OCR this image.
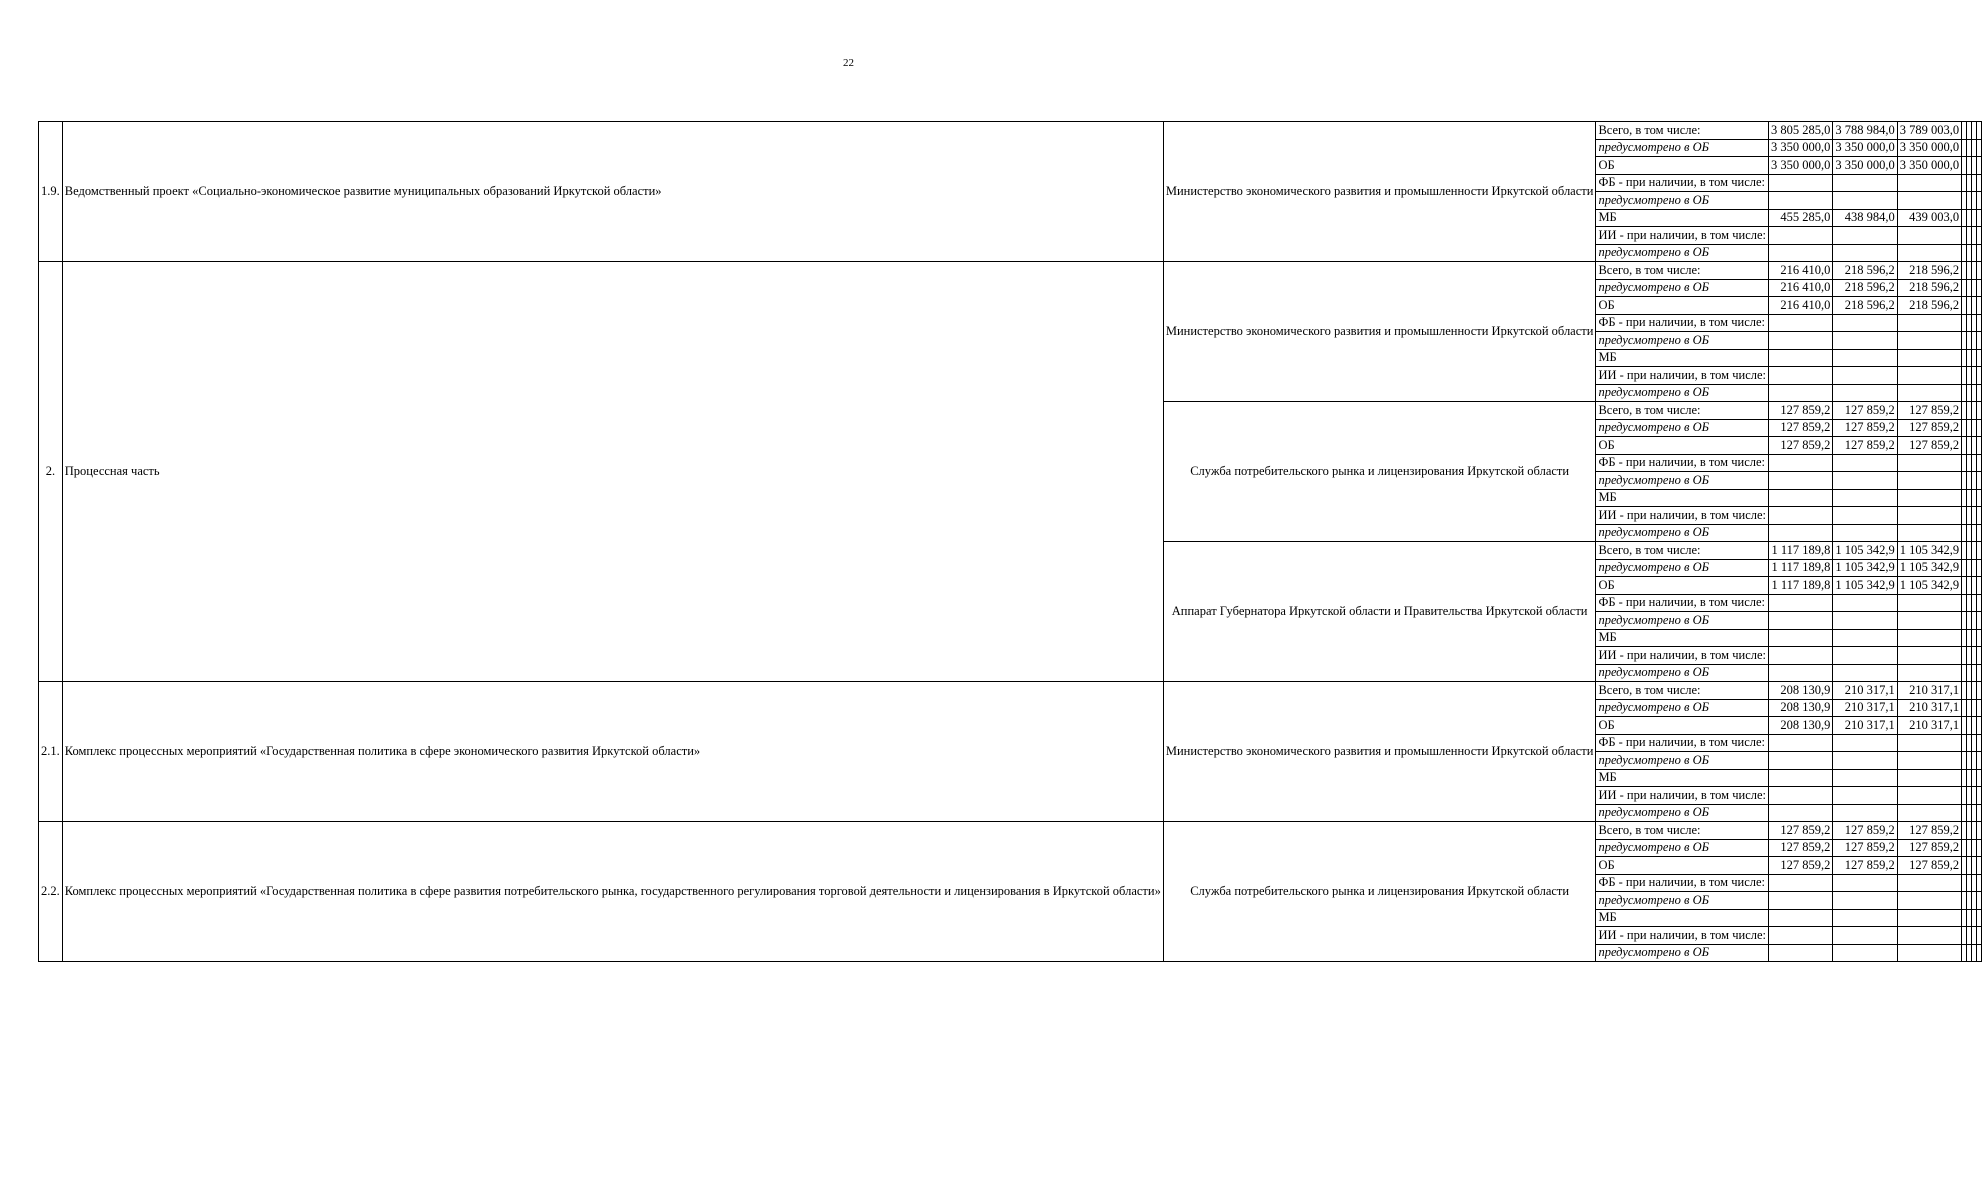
22
1.9.	Ведомственный проект «Социально-экономическое развитие муниципальных образований Иркутской области»	Министерство экономического развития и промышленности Иркутской области	Всего, в том числе:	3 805 285,0	3 788 984,0	3 789 003,0				
			предусмотрено в ОБ	3 350 000,0	3 350 000,0	3 350 000,0				
			ОБ	3 350 000,0	3 350 000,0	3 350 000,0				
			ФБ - при наличии, в том числе:							
			предусмотрено в ОБ							
			МБ	455 285,0	438 984,0	439 003,0				
			ИИ - при наличии, в том числе:							
			предусмотрено в ОБ							
2.	Процессная часть	Министерство экономического развития и промышленности Иркутской области	Всего, в том числе:	216 410,0	218 596,2	218 596,2				
			предусмотрено в ОБ	216 410,0	218 596,2	218 596,2				
			ОБ	216 410,0	218 596,2	218 596,2				
			ФБ - при наличии, в том числе:							
			предусмотрено в ОБ							
			МБ							
			ИИ - при наличии, в том числе:							
			предусмотрено в ОБ							
		Служба потребительского рынка и лицензирования Иркутской области	Всего, в том числе:	127 859,2	127 859,2	127 859,2				
			предусмотрено в ОБ	127 859,2	127 859,2	127 859,2				
			ОБ	127 859,2	127 859,2	127 859,2				
			ФБ - при наличии, в том числе:							
			предусмотрено в ОБ							
			МБ							
			ИИ - при наличии, в том числе:							
			предусмотрено в ОБ							
		Аппарат Губернатора Иркутской области и Правительства Иркутской области	Всего, в том числе:	1 117 189,8	1 105 342,9	1 105 342,9				
			предусмотрено в ОБ	1 117 189,8	1 105 342,9	1 105 342,9				
			ОБ	1 117 189,8	1 105 342,9	1 105 342,9				
			ФБ - при наличии, в том числе:							
			предусмотрено в ОБ							
			МБ							
			ИИ - при наличии, в том числе:							
			предусмотрено в ОБ							
2.1.	Комплекс процессных мероприятий «Государственная политика в сфере экономического развития Иркутской области»	Министерство экономического развития и промышленности Иркутской области	Всего, в том числе:	208 130,9	210 317,1	210 317,1				
			предусмотрено в ОБ	208 130,9	210 317,1	210 317,1				
			ОБ	208 130,9	210 317,1	210 317,1				
			ФБ - при наличии, в том числе:							
			предусмотрено в ОБ							
			МБ							
			ИИ - при наличии, в том числе:							
			предусмотрено в ОБ							
2.2.	Комплекс процессных мероприятий «Государственная политика в сфере развития потребительского рынка, государственного регулирования торговой деятельности и лицензирования в Иркутской области»	Служба потребительского рынка и лицензирования Иркутской области	Всего, в том числе:	127 859,2	127 859,2	127 859,2				
			предусмотрено в ОБ	127 859,2	127 859,2	127 859,2				
			ОБ	127 859,2	127 859,2	127 859,2				
			ФБ - при наличии, в том числе:							
			предусмотрено в ОБ							
			МБ							
			ИИ - при наличии, в том числе:							
			предусмотрено в ОБ							
